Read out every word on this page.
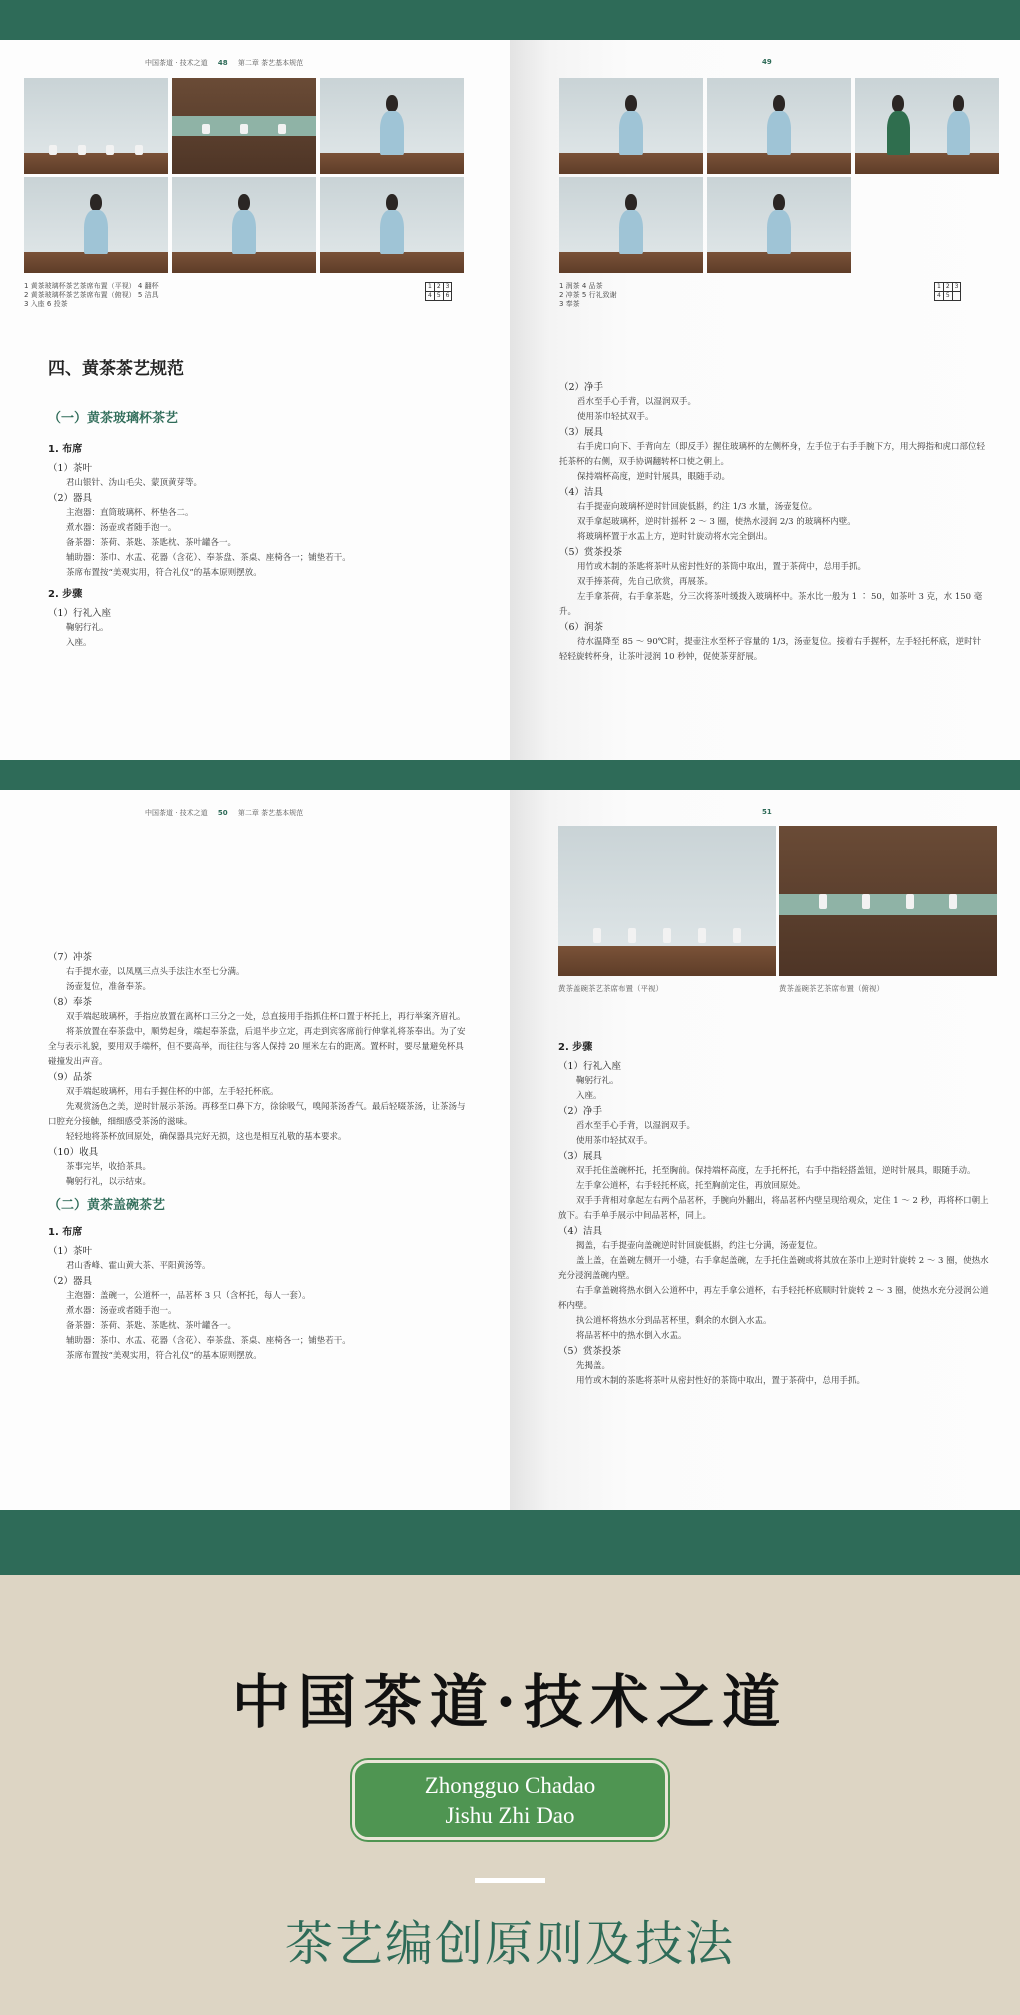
中国茶道 · 技术之道 48 第二章 茶艺基本规范
1 黄茶玻璃杯茶艺茶席布置（平视） 4 翻杯
2 黄茶玻璃杯茶艺茶席布置（俯视） 5 洁具
3 入座 6 投茶
1	2	3
4	5	6

四、黄茶茶艺规范

（一）黄茶玻璃杯茶艺

1. 布席

（1）茶叶

君山银针、沩山毛尖、蒙顶黄芽等。

（2）器具

主泡器：直筒玻璃杯、杯垫各二。

煮水器：汤壶或者随手泡一。

备茶器：茶荷、茶匙、茶匙枕、茶叶罐各一。

辅助器：茶巾、水盂、花器（含花）、奉茶盘、茶桌、座椅各一；铺垫若干。

茶席布置按“美观实用，符合礼仪”的基本原则摆放。

2. 步骤

（1）行礼入座

鞠躬行礼。

入座。

49
1 润茶 4 品茶
2 冲茶 5 行礼致谢
3 奉茶
1	2	3
4	5	

（2）净手

舀水至手心手背，以湿润双手。

使用茶巾轻拭双手。

（3）展具

右手虎口向下、手背向左（即反手）握住玻璃杯的左侧杯身，左手位于右手手腕下方，用大拇指和虎口部位轻托茶杯的右侧，双手协调翻转杯口使之朝上。

保持端杯高度，逆时针展具，眼随手动。

（4）洁具

右手提壶向玻璃杯逆时针回旋低斟，约注 1/3 水量，汤壶复位。

双手拿起玻璃杯，逆时针摇杯 2 ～ 3 圈，使热水浸润 2/3 的玻璃杯内壁。

将玻璃杯置于水盂上方，逆时针旋动将水完全倒出。

（5）赏茶投茶

用竹或木制的茶匙将茶叶从密封性好的茶筒中取出，置于茶荷中，总用手抓。

双手捧茶荷，先自己欣赏，再展茶。

左手拿茶荷，右手拿茶匙，分三次将茶叶缓拨入玻璃杯中。茶水比一般为 1 ∶ 50，如茶叶 3 克，水 150 毫升。

（6）润茶

待水温降至 85 ～ 90℃时，提壶注水至杯子容量的 1/3，汤壶复位。接着右手握杯，左手轻托杯底，逆时针轻轻旋转杯身，让茶叶浸润 10 秒钟，促使茶芽舒展。

中国茶道 · 技术之道 50 第二章 茶艺基本规范

（7）冲茶

右手提水壶，以凤凰三点头手法注水至七分满。

汤壶复位，准备奉茶。

（8）奉茶

双手端起玻璃杯，手指应放置在离杯口三分之一处，总直接用手指抓住杯口置于杯托上，再行举案齐眉礼。

将茶放置在奉茶盘中，顺势起身，端起奉茶盘，后退半步立定，再走到宾客席前行伸掌礼将茶奉出。为了安全与表示礼貌，要用双手端杯，但不要高举，而往往与客人保持 20 厘米左右的距离。置杯时，要尽量避免杯具碰撞发出声音。

（9）品茶

双手端起玻璃杯，用右手握住杯的中部，左手轻托杯底。

先观赏汤色之美，逆时针展示茶汤。再移至口鼻下方，徐徐吸气，嗅闻茶汤香气。最后轻啜茶汤，让茶汤与口腔充分接触，细细感受茶汤的滋味。

轻轻地将茶杯放回原处，确保器具完好无损，这也是相互礼敬的基本要求。

（10）收具

茶事完毕，收拾茶具。

鞠躬行礼，以示结束。

（二）黄茶盖碗茶艺

1. 布席

（1）茶叶

君山香峰、霍山黄大茶、平阳黄汤等。

（2）器具

主泡器：盖碗一，公道杯一，品茗杯 3 只（含杯托，每人一套）。

煮水器：汤壶或者随手泡一。

备茶器：茶荷、茶匙、茶匙枕、茶叶罐各一。

辅助器：茶巾、水盂、花器（含花）、奉茶盘、茶桌、座椅各一；铺垫若干。

茶席布置按“美观实用，符合礼仪”的基本原则摆放。

51
黄茶盖碗茶艺茶席布置（平视）	黄茶盖碗茶艺茶席布置（俯视）

2. 步骤

（1）行礼入座

鞠躬行礼。

入座。

（2）净手

舀水至手心手背，以湿润双手。

使用茶巾轻拭双手。

（3）展具

双手托住盖碗杯托，托至胸前。保持端杯高度，左手托杯托，右手中指轻搭盖钮，逆时针展具，眼随手动。

左手拿公道杯，右手轻托杯底，托至胸前定住，再放回原处。

双手手背相对拿起左右两个品茗杯，手腕向外翻出，将品茗杯内壁呈现给观众，定住 1 ～ 2 秒，再将杯口朝上放下。右手单手展示中间品茗杯，同上。

（4）洁具

揭盖，右手提壶向盖碗逆时针回旋低斟，约注七分满，汤壶复位。

盖上盖，在盖碗左侧开一小缝，右手拿起盖碗，左手托住盖碗或将其放在茶巾上逆时针旋转 2 ～ 3 圈，使热水充分浸润盖碗内壁。

右手拿盖碗将热水倒入公道杯中，再左手拿公道杯，右手轻托杯底顺时针旋转 2 ～ 3 圈，使热水充分浸润公道杯内壁。

执公道杯将热水分到品茗杯里，剩余的水倒入水盂。

将品茗杯中的热水倒入水盂。

（5）赏茶投茶

先揭盖。

用竹或木制的茶匙将茶叶从密封性好的茶筒中取出，置于茶荷中，总用手抓。

中国茶道·技术之道
Zhongguo Chadao
Jishu Zhi Dao
茶艺编创原则及技法
